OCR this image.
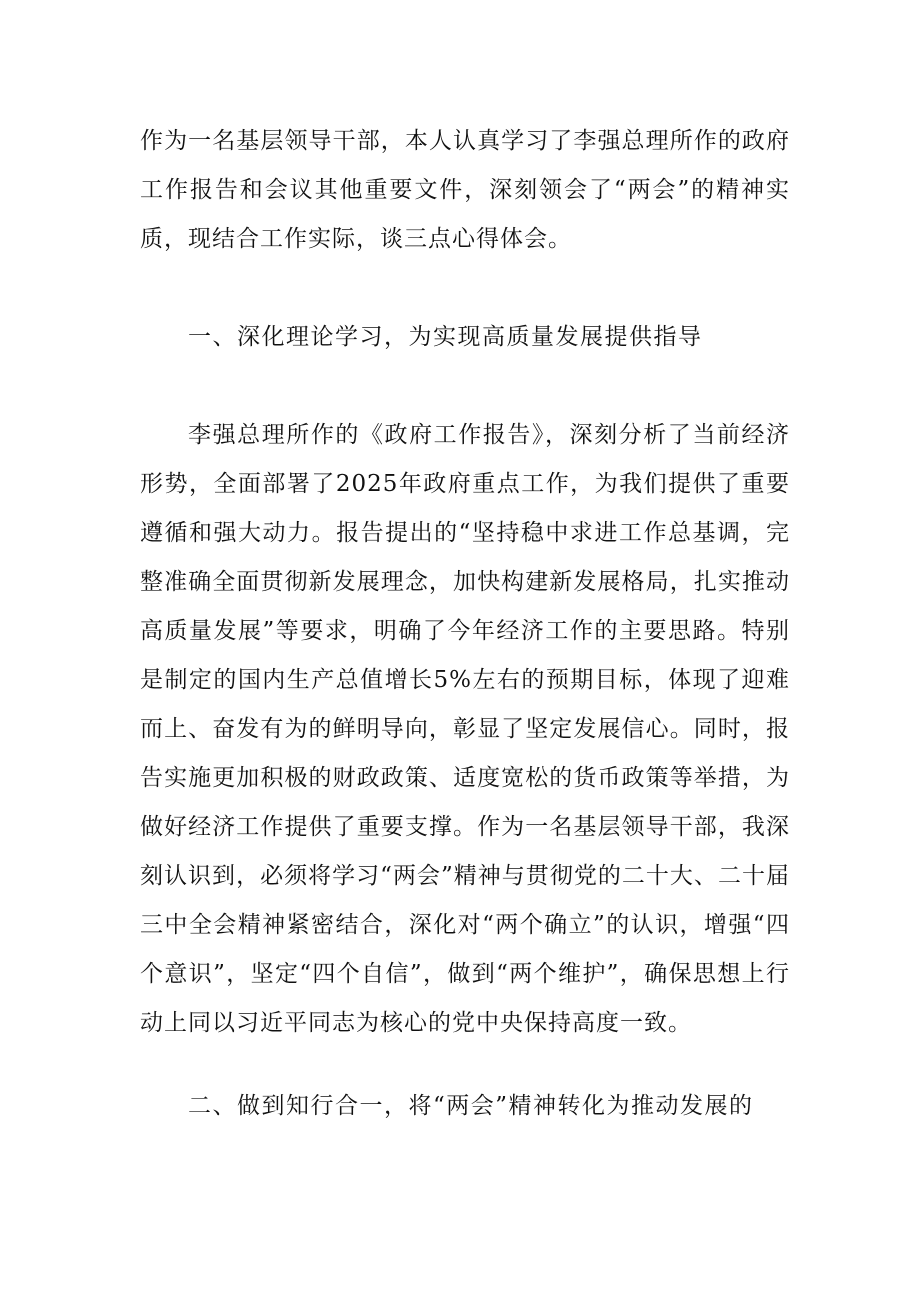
作为一名基层领导干部，本人认真学习了李强总理所作的政府工作报告和会议其他重要文件，深刻领会了“两会”的精神实质，现结合工作实际，谈三点心得体会。

一、深化理论学习，为实现高质量发展提供指导

李强总理所作的《政府工作报告》，深刻分析了当前经济形势，全面部署了2025年政府重点工作，为我们提供了重要遵循和强大动力。报告提出的“坚持稳中求进工作总基调，完整准确全面贯彻新发展理念，加快构建新发展格局，扎实推动高质量发展”等要求，明确了今年经济工作的主要思路。特别是制定的国内生产总值增长5%左右的预期目标，体现了迎难而上、奋发有为的鲜明导向，彰显了坚定发展信心。同时，报告实施更加积极的财政政策、适度宽松的货币政策等举措，为做好经济工作提供了重要支撑。作为一名基层领导干部，我深刻认识到，必须将学习“两会”精神与贯彻党的二十大、二十届三中全会精神紧密结合，深化对“两个确立”的认识，增强“四个意识”，坚定“四个自信”，做到“两个维护”，确保思想上行动上同以习近平同志为核心的党中央保持高度一致。

二、做到知行合一，将“两会”精神转化为推动发展的
